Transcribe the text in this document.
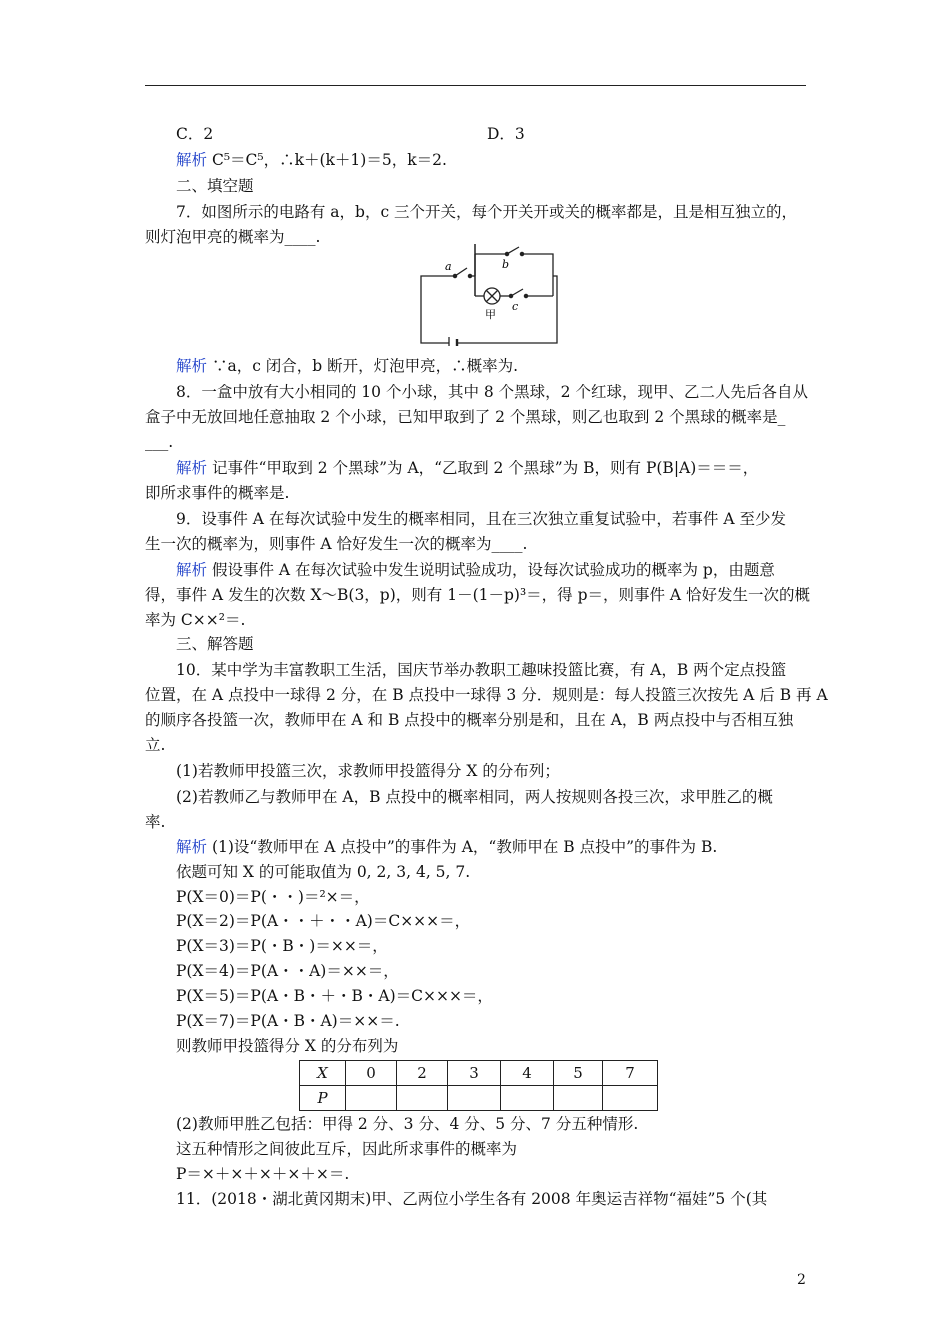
C．2	D．3
解析 C⁵＝C⁵，∴k＋(k＋1)＝5，k＝2.
二、填空题
7．如图所示的电路有 a，b，c 三个开关，每个开关开或关的概率都是，且是相互独立的，
则灯泡甲亮的概率为____.
a	b
c
甲
解析 ∵a，c 闭合，b 断开，灯泡甲亮，∴概率为.
8．一盒中放有大小相同的 10 个小球，其中 8 个黑球，2 个红球，现甲、乙二人先后各自从
盒子中无放回地任意抽取 2 个小球，已知甲取到了 2 个黑球，则乙也取到 2 个黑球的概率是_
___.
解析 记事件“甲取到 2 个黑球”为 A，“乙取到 2 个黑球”为 B，则有 P(B|A)＝＝＝，
即所求事件的概率是.
9．设事件 A 在每次试验中发生的概率相同，且在三次独立重复试验中，若事件 A 至少发
生一次的概率为，则事件 A 恰好发生一次的概率为____.
解析 假设事件 A 在每次试验中发生说明试验成功，设每次试验成功的概率为 p，由题意
得，事件 A 发生的次数 X～B(3，p)，则有 1－(1－p)³＝，得 p＝，则事件 A 恰好发生一次的概
率为 C××²＝.
三、解答题
10．某中学为丰富教职工生活，国庆节举办教职工趣味投篮比赛，有 A，B 两个定点投篮
位置，在 A 点投中一球得 2 分，在 B 点投中一球得 3 分．规则是：每人投篮三次按先 A 后 B 再 A
的顺序各投篮一次，教师甲在 A 和 B 点投中的概率分别是和，且在 A，B 两点投中与否相互独
立.
(1)若教师甲投篮三次，求教师甲投篮得分 X 的分布列；
(2)若教师乙与教师甲在 A，B 点投中的概率相同，两人按规则各投三次，求甲胜乙的概
率.
解析 (1)设“教师甲在 A 点投中”的事件为 A，“教师甲在 B 点投中”的事件为 B.
依题可知 X 的可能取值为 0, 2, 3, 4, 5, 7.
P(X＝0)＝P(・・)＝²×＝，
P(X＝2)＝P(A・・＋・・A)＝C×××＝，
P(X＝3)＝P(・B・)＝××＝，
P(X＝4)＝P(A・・A)＝××＝，
P(X＝5)＝P(A・B・＋・B・A)＝C×××＝，
P(X＝7)＝P(A・B・A)＝××＝.
则教师甲投篮得分 X 的分布列为
X	0	2	3	4	5	7
P						
(2)教师甲胜乙包括：甲得 2 分、3 分、4 分、5 分、7 分五种情形.
这五种情形之间彼此互斥，因此所求事件的概率为
P＝×＋×＋×＋×＋×＝.
11．(2018・湖北黄冈期末)甲、乙两位小学生各有 2008 年奥运吉祥物“福娃”5 个(其
2
